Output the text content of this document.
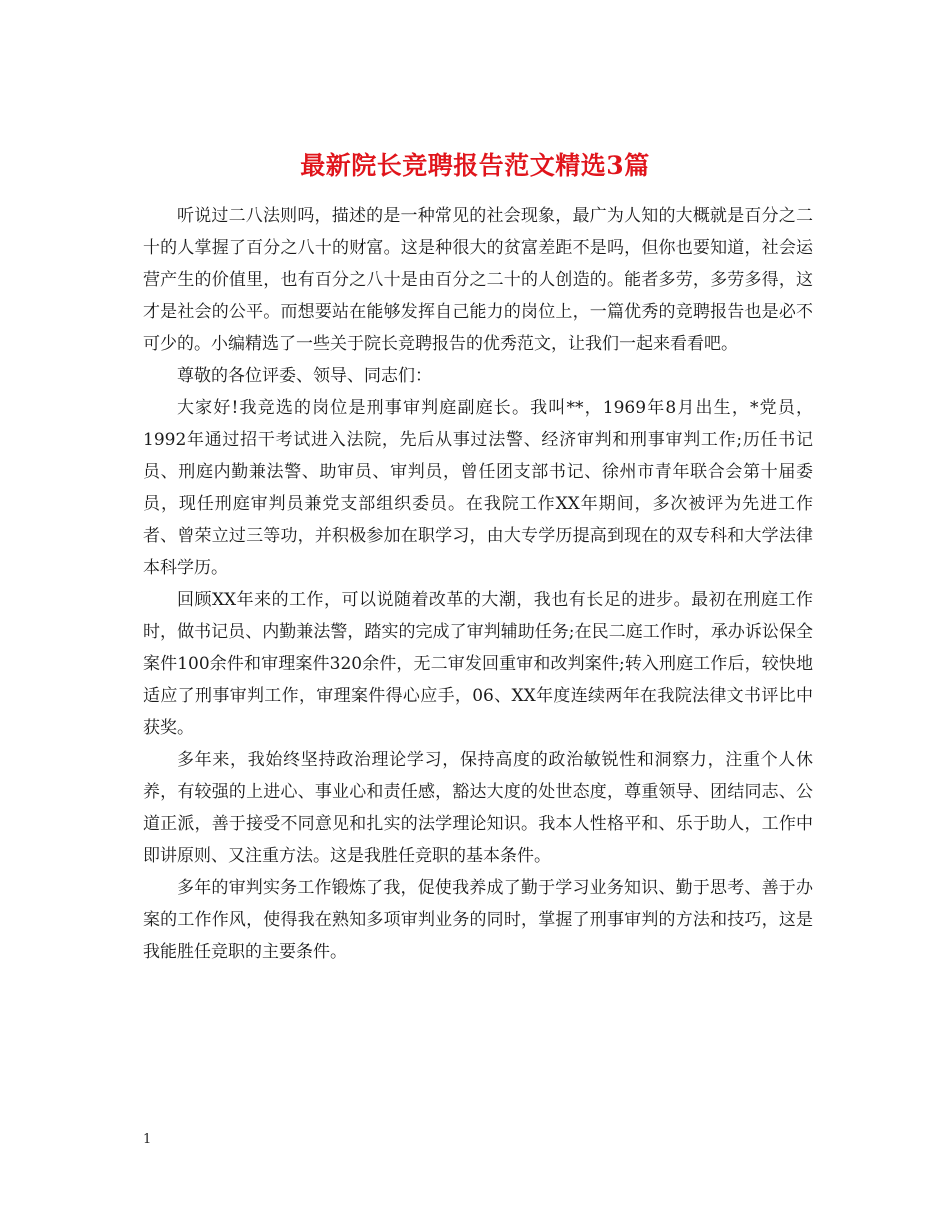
最新院长竞聘报告范文精选3篇

听说过二八法则吗，描述的是一种常见的社会现象，最广为人知的大概就是百分之二十的人掌握了百分之八十的财富。这是种很大的贫富差距不是吗，但你也要知道，社会运营产生的价值里，也有百分之八十是由百分之二十的人创造的。能者多劳，多劳多得，这才是社会的公平。而想要站在能够发挥自己能力的岗位上，一篇优秀的竞聘报告也是必不可少的。小编精选了一些关于院长竞聘报告的优秀范文，让我们一起来看看吧。

尊敬的各位评委、领导、同志们：

大家好!我竞选的岗位是刑事审判庭副庭长。我叫**，1969年8月出生，*党员，1992年通过招干考试进入法院，先后从事过法警、经济审判和刑事审判工作;历任书记员、刑庭内勤兼法警、助审员、审判员，曾任团支部书记、徐州市青年联合会第十届委员，现任刑庭审判员兼党支部组织委员。在我院工作XX年期间，多次被评为先进工作者、曾荣立过三等功，并积极参加在职学习，由大专学历提高到现在的双专科和大学法律本科学历。

回顾XX年来的工作，可以说随着改革的大潮，我也有长足的进步。最初在刑庭工作时，做书记员、内勤兼法警，踏实的完成了审判辅助任务;在民二庭工作时，承办诉讼保全案件100余件和审理案件320余件，无二审发回重审和改判案件;转入刑庭工作后，较快地适应了刑事审判工作，审理案件得心应手，06、XX年度连续两年在我院法律文书评比中获奖。

多年来，我始终坚持政治理论学习，保持高度的政治敏锐性和洞察力，注重个人休养，有较强的上进心、事业心和责任感，豁达大度的处世态度，尊重领导、团结同志、公道正派，善于接受不同意见和扎实的法学理论知识。我本人性格平和、乐于助人，工作中即讲原则、又注重方法。这是我胜任竞职的基本条件。

多年的审判实务工作锻炼了我，促使我养成了勤于学习业务知识、勤于思考、善于办案的工作作风，使得我在熟知多项审判业务的同时，掌握了刑事审判的方法和技巧，这是我能胜任竞职的主要条件。

1
